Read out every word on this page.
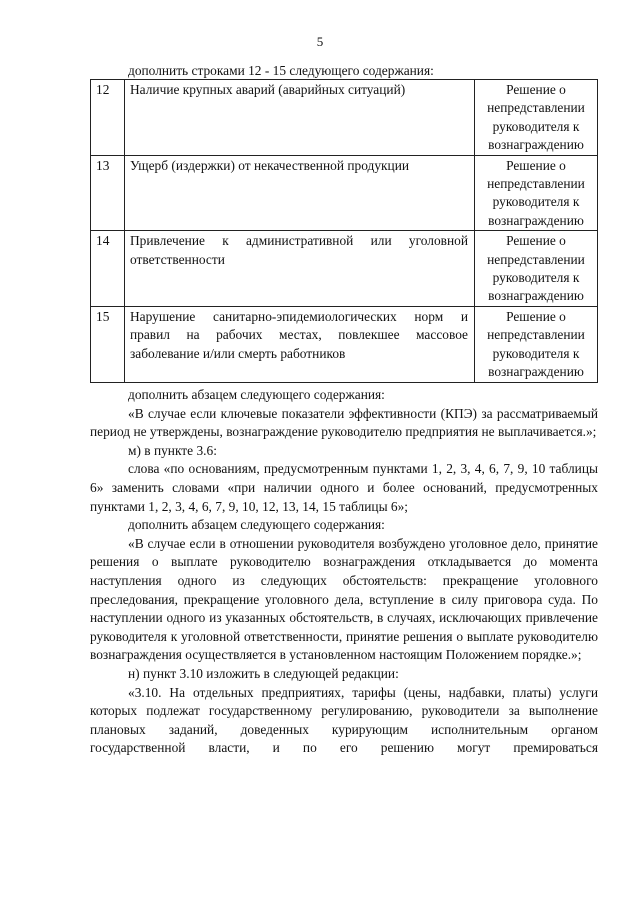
5
дополнить строками 12 - 15 следующего содержания:
12	Наличие крупных аварий (аварийных ситуаций)	Решение о непредставлении руководителя к вознаграждению
13	Ущерб (издержки) от некачественной продукции	Решение о непредставлении руководителя к вознаграждению
14	Привлечение к административной или уголовной ответственности	Решение о непредставлении руководителя к вознаграждению
15	Нарушение санитарно-эпидемиологических норм и правил на рабочих местах, повлекшее массовое заболевание и/или смерть работников	Решение о непредставлении руководителя к вознаграждению

дополнить абзацем следующего содержания:

«В случае если ключевые показатели эффективности (КПЭ) за рассматриваемый период не утверждены, вознаграждение руководителю предприятия не выплачивается.»;

м) в пункте 3.6:

слова «по основаниям, предусмотренным пунктами 1, 2, 3, 4, 6, 7, 9, 10 таблицы 6» заменить словами «при наличии одного и более оснований, предусмотренных пунктами 1, 2, 3, 4, 6, 7, 9, 10, 12, 13, 14, 15 таблицы 6»;

дополнить абзацем следующего содержания:

«В случае если в отношении руководителя возбуждено уголовное дело, принятие решения о выплате руководителю вознаграждения откладывается до момента наступления одного из следующих обстоятельств: прекращение уголовного преследования, прекращение уголовного дела, вступление в силу приговора суда. По наступлении одного из указанных обстоятельств, в случаях, исключающих привлечение руководителя к уголовной ответственности, принятие решения о выплате руководителю вознаграждения осуществляется в установленном настоящим Положением порядке.»;

н) пункт 3.10 изложить в следующей редакции:

«3.10. На отдельных предприятиях, тарифы (цены, надбавки, платы) услуги которых подлежат государственному регулированию, руководители за выполнение плановых заданий, доведенных курирующим исполнительным органом государственной власти, и по его решению могут премироваться
